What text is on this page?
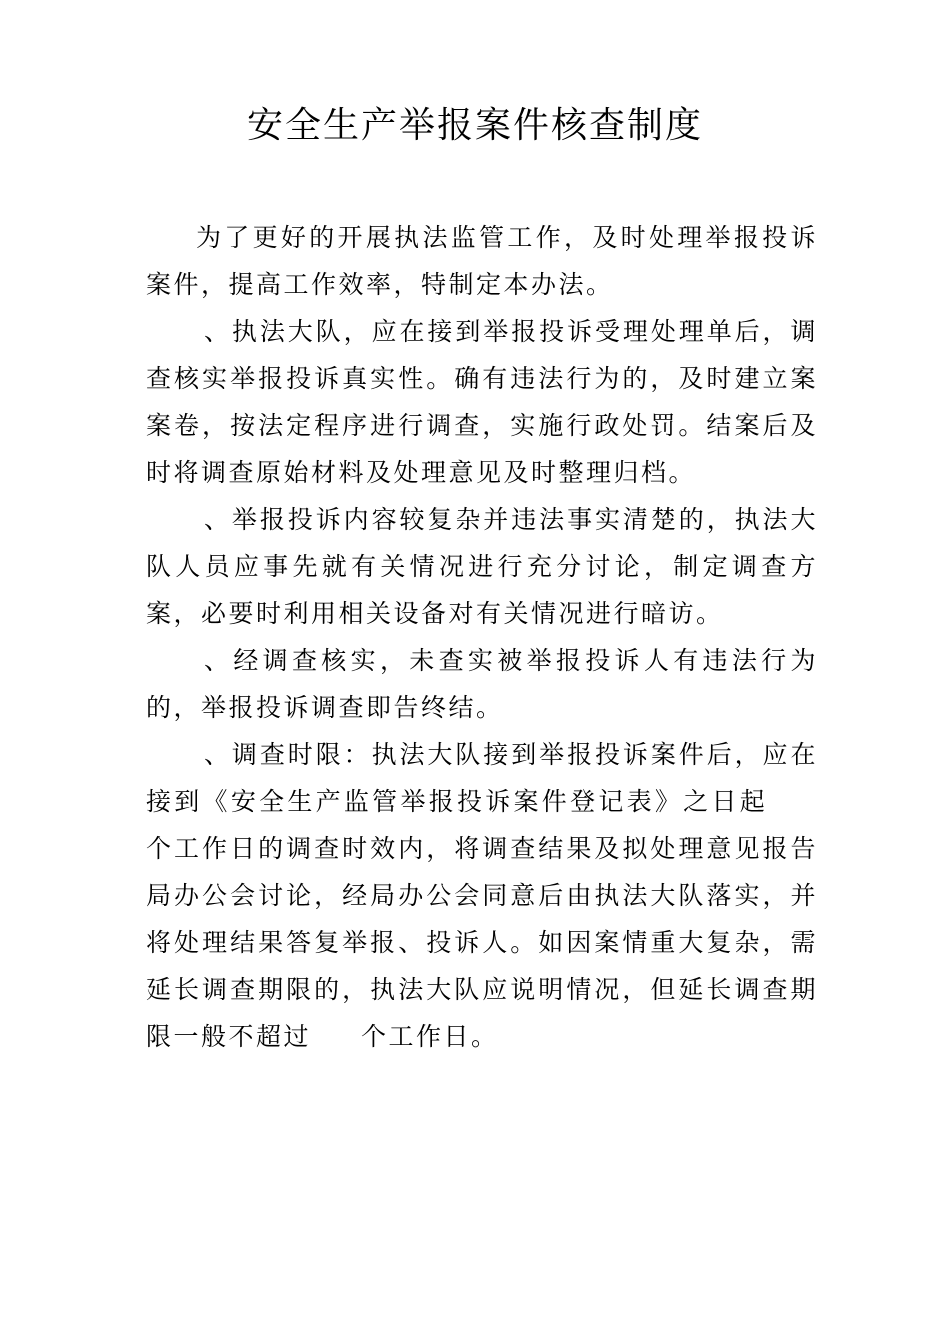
安全生产举报案件核查制度

为了更好的开展执法监管工作，及时处理举报投诉案件，提高工作效率，特制定本办法。

、执法大队，应在接到举报投诉受理处理单后，调查核实举报投诉真实性。确有违法行为的，及时建立案案卷，按法定程序进行调查，实施行政处罚。结案后及时将调查原始材料及处理意见及时整理归档。

、举报投诉内容较复杂并违法事实清楚的，执法大队人员应事先就有关情况进行充分讨论，制定调查方案，必要时利用相关设备对有关情况进行暗访。

、经调查核实，未查实被举报投诉人有违法行为的，举报投诉调查即告终结。

、调查时限：执法大队接到举报投诉案件后，应在接到《安全生产监管举报投诉案件登记表》之日起个工作日的调查时效内，将调查结果及拟处理意见报告局办公会讨论，经局办公会同意后由执法大队落实，并将处理结果答复举报、投诉人。如因案情重大复杂，需延长调查期限的，执法大队应说明情况，但延长调查期限一般不超过 个工作日。
